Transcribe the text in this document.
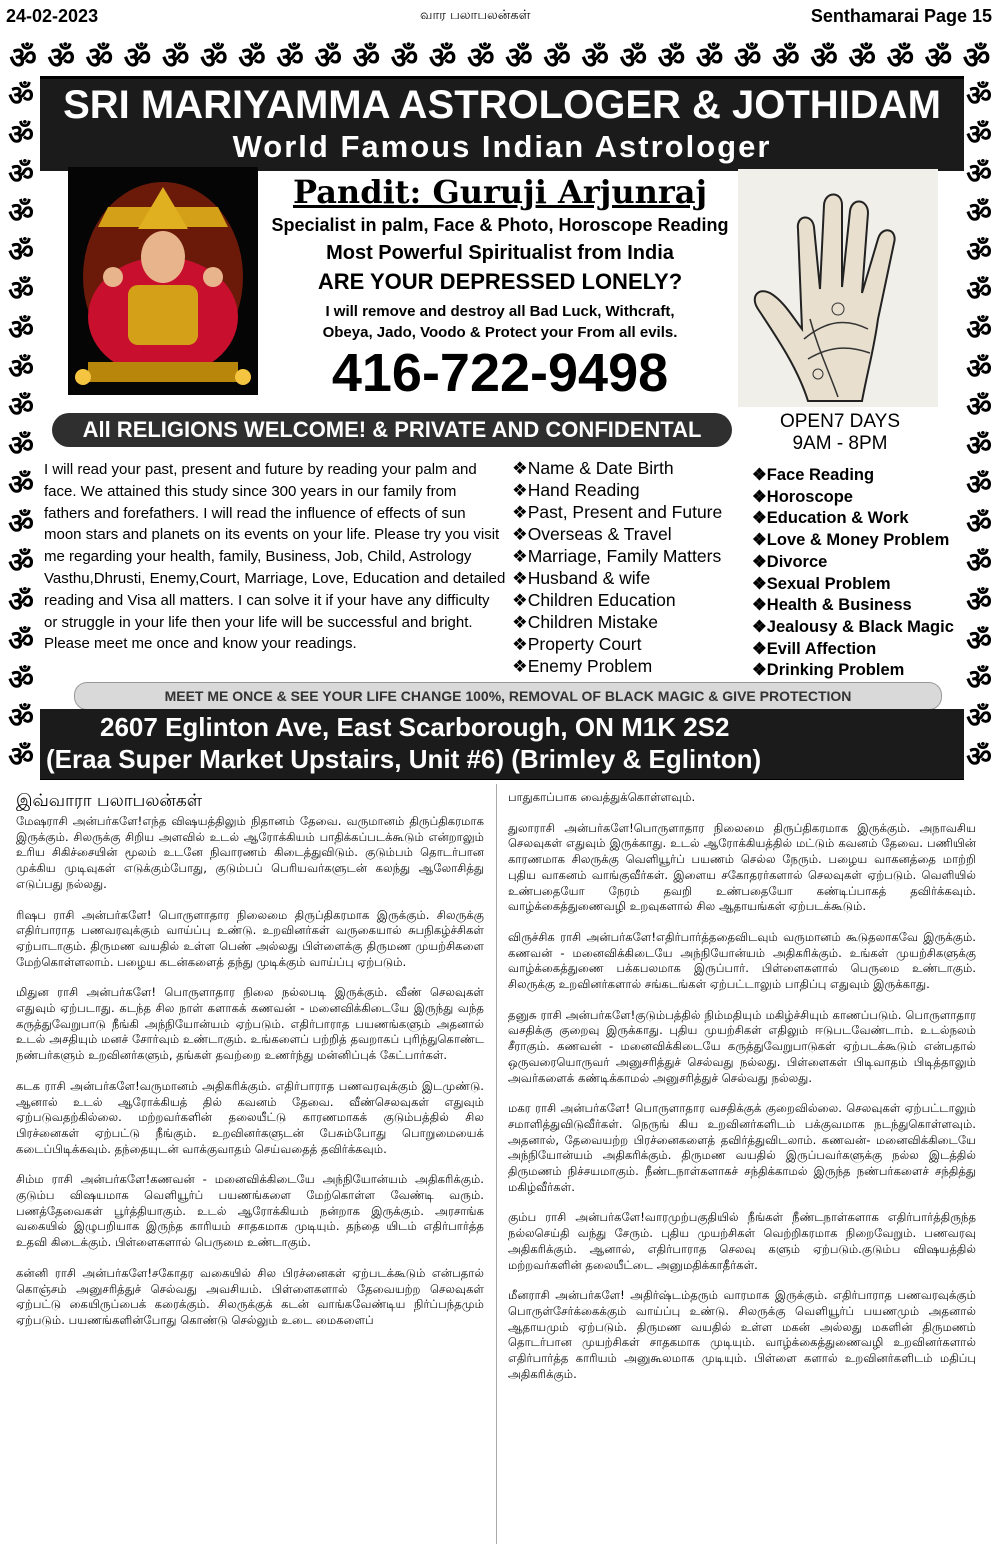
24-02-2023	வார பலாபலன்கள்	Senthamarai Page 15
ॐ ॐ ॐ ॐ ॐ ॐ ॐ ॐ ॐ ॐ ॐ ॐ ॐ ॐ ॐ ॐ ॐ ॐ ॐ ॐ ॐ ॐ ॐ ॐ ॐ ॐ
ॐ
ॐ
ॐ
ॐ
ॐ
ॐ
ॐ
ॐ
ॐ
ॐ
ॐ
ॐ
ॐ
ॐ
ॐ
ॐ
ॐ
ॐ
ॐ
ॐ
ॐ
ॐ
ॐ
ॐ
ॐ
ॐ
ॐ
ॐ
ॐ
ॐ
ॐ
ॐ
ॐ
ॐ
ॐ
ॐ
SRI MARIYAMMA ASTROLOGER & JOTHIDAM
World Famous Indian Astrologer
Pandit: Guruji Arjunraj
Specialist in palm, Face & Photo, Horoscope Reading
Most Powerful Spiritualist from India
ARE YOUR DEPRESSED LONELY?
I will remove and destroy all Bad Luck, Withcraft,
Obeya, Jado, Voodo & Protect your From all evils.
416-722-9498
All RELIGIONS WELCOME! & PRIVATE AND CONFIDENTAL	OPEN7 DAYS
9AM - 8PM
I will read your past, present and future by reading your palm and face. We attained this study since 300 years in our family from fathers and forefathers. I will read the influence of effects of sun moon stars and planets on its events on your life. Please try you visit me regarding your health, family, Business, Job, Child, Astrology Vasthu,Dhrusti, Enemy,Court, Marriage, Love, Education and detailed reading and Visa all matters. I can solve it if your have any difficulty or struggle in your life then your life will be successful and bright. Please meet me once and know your readings.
❖Name & Date Birth
❖Hand Reading
❖Past, Present and Future
❖Overseas & Travel
❖Marriage, Family Matters
❖Husband & wife
❖Children Education
❖Children Mistake
❖Property Court
❖Enemy Problem
❖Face Reading
❖Horoscope
❖Education & Work
❖Love & Money Problem
❖Divorce
❖Sexual Problem
❖Health & Business
❖Jealousy & Black Magic
❖Evill Affection
❖Drinking Problem
MEET ME ONCE & SEE YOUR LIFE CHANGE 100%, REMOVAL OF BLACK MAGIC & GIVE PROTECTION
2607 Eglinton Ave, East Scarborough, ON M1K 2S2
(Eraa Super Market Upstairs, Unit #6) (Brimley & Eglinton)

இவ்வாரா பலாபலன்கள்

மேஷராசி அன்பர்களே!எந்த விஷயத்திலும் நிதானம் தேவை. வருமானம் திருப்திகரமாக இருக்கும். சிலருக்கு சிறிய அளவில் உடல் ஆரோக்கியம் பாதிக்கப்படக்கூடும் என்றாலும் உரிய சிகிச்சையின் மூலம் உடனே நிவாரணம் கிடைத்துவிடும். குடும்பம் தொடர்பான முக்கிய முடிவுகள் எடுக்கும்போது, குடும்பப் பெரியவர்களுடன் கலந்து ஆலோசித்து எடுப்பது நல்லது.

ரிஷப ராசி அன்பர்களே! பொருளாதார நிலைமை திருப்திகரமாக இருக்கும். சிலருக்கு எதிர்பாராத பணவரவுக்கும் வாய்ப்பு உண்டு. உறவினர்கள் வருகையால் சுபநிகழ்ச்சிகள் ஏற்பாடாகும். திருமண வயதில் உள்ள பெண் அல்லது பிள்ளைக்கு திருமண முயற்சிகளை மேற்கொள்ளலாம். பழைய கடன்களைத் தந்து முடிக்கும் வாய்ப்பு ஏற்படும்.

மிதுன ராசி அன்பர்களே! பொருளாதார நிலை நல்லபடி இருக்கும். வீண் செலவுகள் எதுவும் ஏற்படாது. கடந்த சில நாள் களாகக் கணவன் - மனைவிக்கிடையே இருந்து வந்த கருத்துவேறுபாடு நீங்கி அந்நியோன்யம் ஏற்படும். எதிர்பாராத பயணங்களும் அதனால் உடல் அசதியும் மனச் சோர்வும் உண்டாகும். உங்களைப் பற்றித் தவறாகப் புரிந்துகொண்ட நண்பர்களும் உறவினர்களும், தங்கள் தவற்றை உணர்ந்து மன்னிப்புக் கேட்பார்கள்.

கடக ராசி அன்பர்களே!வருமானம் அதிகரிக்கும். எதிர்பாராத பணவரவுக்கும் இடமுண்டு. ஆனால் உடல் ஆரோக்கியத் தில் கவனம் தேவை. வீண்செலவுகள் எதுவும் ஏற்படுவதற்கில்லை. மற்றவர்களின் தலையீட்டு காரணமாகக் குடும்பத்தில் சில பிரச்னைகள் ஏற்பட்டு நீங்கும். உறவினர்களுடன் பேசும்போது பொறுமையைக் கடைப்பிடிக்கவும். தந்தையுடன் வாக்குவாதம் செய்வதைத் தவிர்க்கவும்.

சிம்ம ராசி அன்பர்களே!கணவன் - மனைவிக்கிடையே அந்நியோன்யம் அதிகரிக்கும். குடும்ப விஷயமாக வெளியூர்ப் பயணங்களை மேற்கொள்ள வேண்டி வரும். பணத்தேவைகள் பூர்த்தியாகும். உடல் ஆரோக்கியம் நன்றாக இருக்கும். அரசாங்க வகையில் இழுபறியாக இருந்த காரியம் சாதகமாக முடியும். தந்தை யிடம் எதிர்பார்த்த உதவி கிடைக்கும். பிள்ளைகளால் பெருமை உண்டாகும்.

கன்னி ராசி அன்பர்களே!சகோதர வகையில் சில பிரச்னைகள் ஏற்படக்கூடும் என்பதால் கொஞ்சம் அனுசரித்துச் செல்வது அவசியம். பிள்ளைகளால் தேவையற்ற செலவுகள் ஏற்பட்டு கையிருப்பைக் கரைக்கும். சிலருக்குக் கடன் வாங்கவேண்டிய நிர்ப்பந்தமும் ஏற்படும். பயணங்களின்போது கொண்டு செல்லும் உடை மைகளைப்

பாதுகாப்பாக வைத்துக்கொள்ளவும்.

துலாராசி அன்பர்களே!பொருளாதார நிலைமை திருப்திகரமாக இருக்கும். அநாவசிய செலவுகள் எதுவும் இருக்காது. உடல் ஆரோக்கியத்தில் மட்டும் கவனம் தேவை. பணியின் காரணமாக சிலருக்கு வெளியூர்ப் பயணம் செல்ல நேரும். பழைய வாகனத்தை மாற்றி புதிய வாகனம் வாங்குவீர்கள். இளைய சகோதரர்களால் செலவுகள் ஏற்படும். வெளியில் உண்பதையோ நேரம் தவறி உண்பதையோ கண்டிப்பாகத் தவிர்க்கவும். வாழ்க்கைத்துணைவழி உறவுகளால் சில ஆதாயங்கள் ஏற்படக்கூடும்.

விருச்சிக ராசி அன்பர்களே!எதிர்பார்த்ததைவிடவும் வருமானம் கூடுதலாகவே இருக்கும். கணவன் - மனைவிக்கிடையே அந்நியோன்யம் அதிகரிக்கும். உங்கள் முயற்சிகளுக்கு வாழ்க்கைத்துணை பக்கபலமாக இருப்பார். பிள்ளைகளால் பெருமை உண்டாகும். சிலருக்கு உறவினர்களால் சங்கடங்கள் ஏற்பட்டாலும் பாதிப்பு எதுவும் இருக்காது.

தனுசு ராசி அன்பர்களே!குடும்பத்தில் நிம்மதியும் மகிழ்ச்சியும் காணப்படும். பொருளாதார வசதிக்கு குறைவு இருக்காது. புதிய முயற்சிகள் எதிலும் ஈடுபடவேண்டாம். உடல்நலம் சீராகும். கணவன் - மனைவிக்கிடையே கருத்துவேறுபாடுகள் ஏற்படக்கூடும் என்பதால் ஒருவரையொருவர் அனுசரித்துச் செல்வது நல்லது. பிள்ளைகள் பிடிவாதம் பிடித்தாலும் அவர்களைக் கண்டிக்காமல் அனுசரித்துச் செல்வது நல்லது.

மகர ராசி அன்பர்களே! பொருளாதார வசதிக்குக் குறைவில்லை. செலவுகள் ஏற்பட்டாலும் சமாளித்துவிடுவீர்கள். நெருங் கிய உறவினர்களிடம் பக்குவமாக நடந்துகொள்ளவும். அதனால், தேவையற்ற பிரச்னைகளைத் தவிர்த்துவிடலாம். கணவன்- மனைவிக்கிடையே அந்நியோன்யம் அதிகரிக்கும். திருமண வயதில் இருப்பவர்களுக்கு நல்ல இடத்தில் திருமணம் நிச்சயமாகும். நீண்டநாள்களாகச் சந்திக்காமல் இருந்த நண்பர்களைச் சந்தித்து மகிழ்வீர்கள்.

கும்ப ராசி அன்பர்களே!வாரமுற்பகுதியில் நீங்கள் நீண்டநாள்களாக எதிர்பார்த்திருந்த நல்லசெய்தி வந்து சேரும். புதிய முயற்சிகள் வெற்றிகரமாக நிறைவேறும். பணவரவு அதிகரிக்கும். ஆனால், எதிர்பாராத செலவு களும் ஏற்படும்.குடும்ப விஷயத்தில் மற்றவர்களின் தலையீட்டை அனுமதிக்காதீர்கள்.

மீனராசி அன்பர்களே! அதிர்ஷ்டம்தரும் வாரமாக இருக்கும். எதிர்பாராத பணவரவுக்கும் பொருள்சேர்க்கைக்கும் வாய்ப்பு உண்டு. சிலருக்கு வெளியூர்ப் பயணமும் அதனால் ஆதாயமும் ஏற்படும். திருமண வயதில் உள்ள மகன் அல்லது மகளின் திருமணம் தொடர்பான முயற்சிகள் சாதகமாக முடியும். வாழ்க்கைத்துணைவழி உறவினர்களால் எதிர்பார்த்த காரியம் அனுகூலமாக முடியும். பிள்ளை களால் உறவினர்களிடம் மதிப்பு அதிகரிக்கும்.
